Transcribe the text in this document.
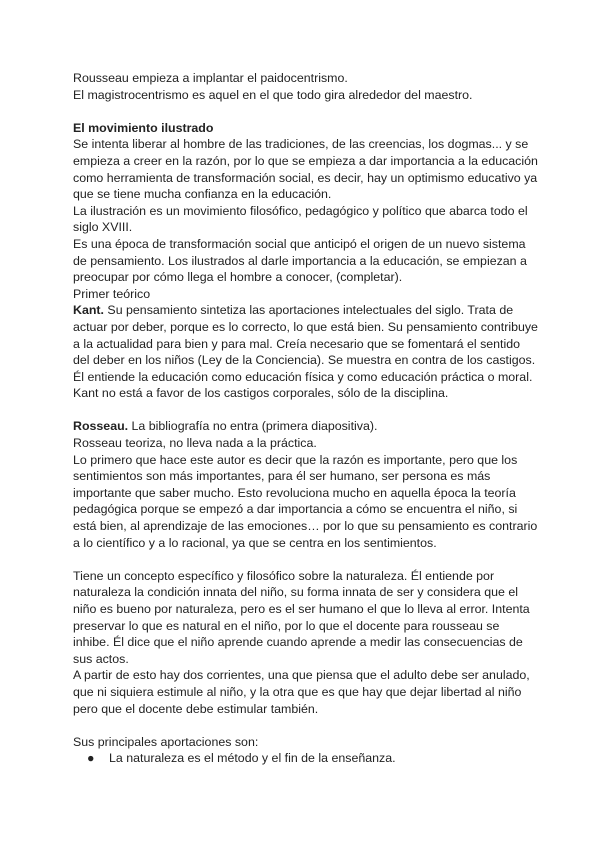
Rousseau empieza a implantar el paidocentrismo.
El magistrocentrismo es aquel en el que todo gira alrededor del maestro.
El movimiento ilustrado
Se intenta liberar al hombre de las tradiciones, de las creencias, los dogmas... y se
empieza a creer en la razón, por lo que se empieza a dar importancia a la educación
como herramienta de transformación social, es decir, hay un optimismo educativo ya
que se tiene mucha confianza en la educación.
La ilustración es un movimiento filosófico, pedagógico y político que abarca todo el
siglo XVIII.
Es una época de transformación social que anticipó el origen de un nuevo sistema
de pensamiento. Los ilustrados al darle importancia a la educación, se empiezan a
preocupar por cómo llega el hombre a conocer, (completar).
Primer teórico
Kant. Su pensamiento sintetiza las aportaciones intelectuales del siglo. Trata de
actuar por deber, porque es lo correcto, lo que está bien. Su pensamiento contribuye
a la actualidad para bien y para mal. Creía necesario que se fomentará el sentido
del deber en los niños (Ley de la Conciencia). Se muestra en contra de los castigos.
Él entiende la educación como educación física y como educación práctica o moral.
Kant no está a favor de los castigos corporales, sólo de la disciplina.
Rosseau. La bibliografía no entra (primera diapositiva).
Rosseau teoriza, no lleva nada a la práctica.
Lo primero que hace este autor es decir que la razón es importante, pero que los
sentimientos son más importantes, para él ser humano, ser persona es más
importante que saber mucho. Esto revoluciona mucho en aquella época la teoría
pedagógica porque se empezó a dar importancia a cómo se encuentra el niño, si
está bien, al aprendizaje de las emociones… por lo que su pensamiento es contrario
a lo científico y a lo racional, ya que se centra en los sentimientos.
Tiene un concepto específico y filosófico sobre la naturaleza. Él entiende por
naturaleza la condición innata del niño, su forma innata de ser y considera que el
niño es bueno por naturaleza, pero es el ser humano el que lo lleva al error. Intenta
preservar lo que es natural en el niño, por lo que el docente para rousseau se
inhibe. Él dice que el niño aprende cuando aprende a medir las consecuencias de
sus actos.
A partir de esto hay dos corrientes, una que piensa que el adulto debe ser anulado,
que ni siquiera estimule al niño, y la otra que es que hay que dejar libertad al niño
pero que el docente debe estimular también.
Sus principales aportaciones son:
● La naturaleza es el método y el fin de la enseñanza.
